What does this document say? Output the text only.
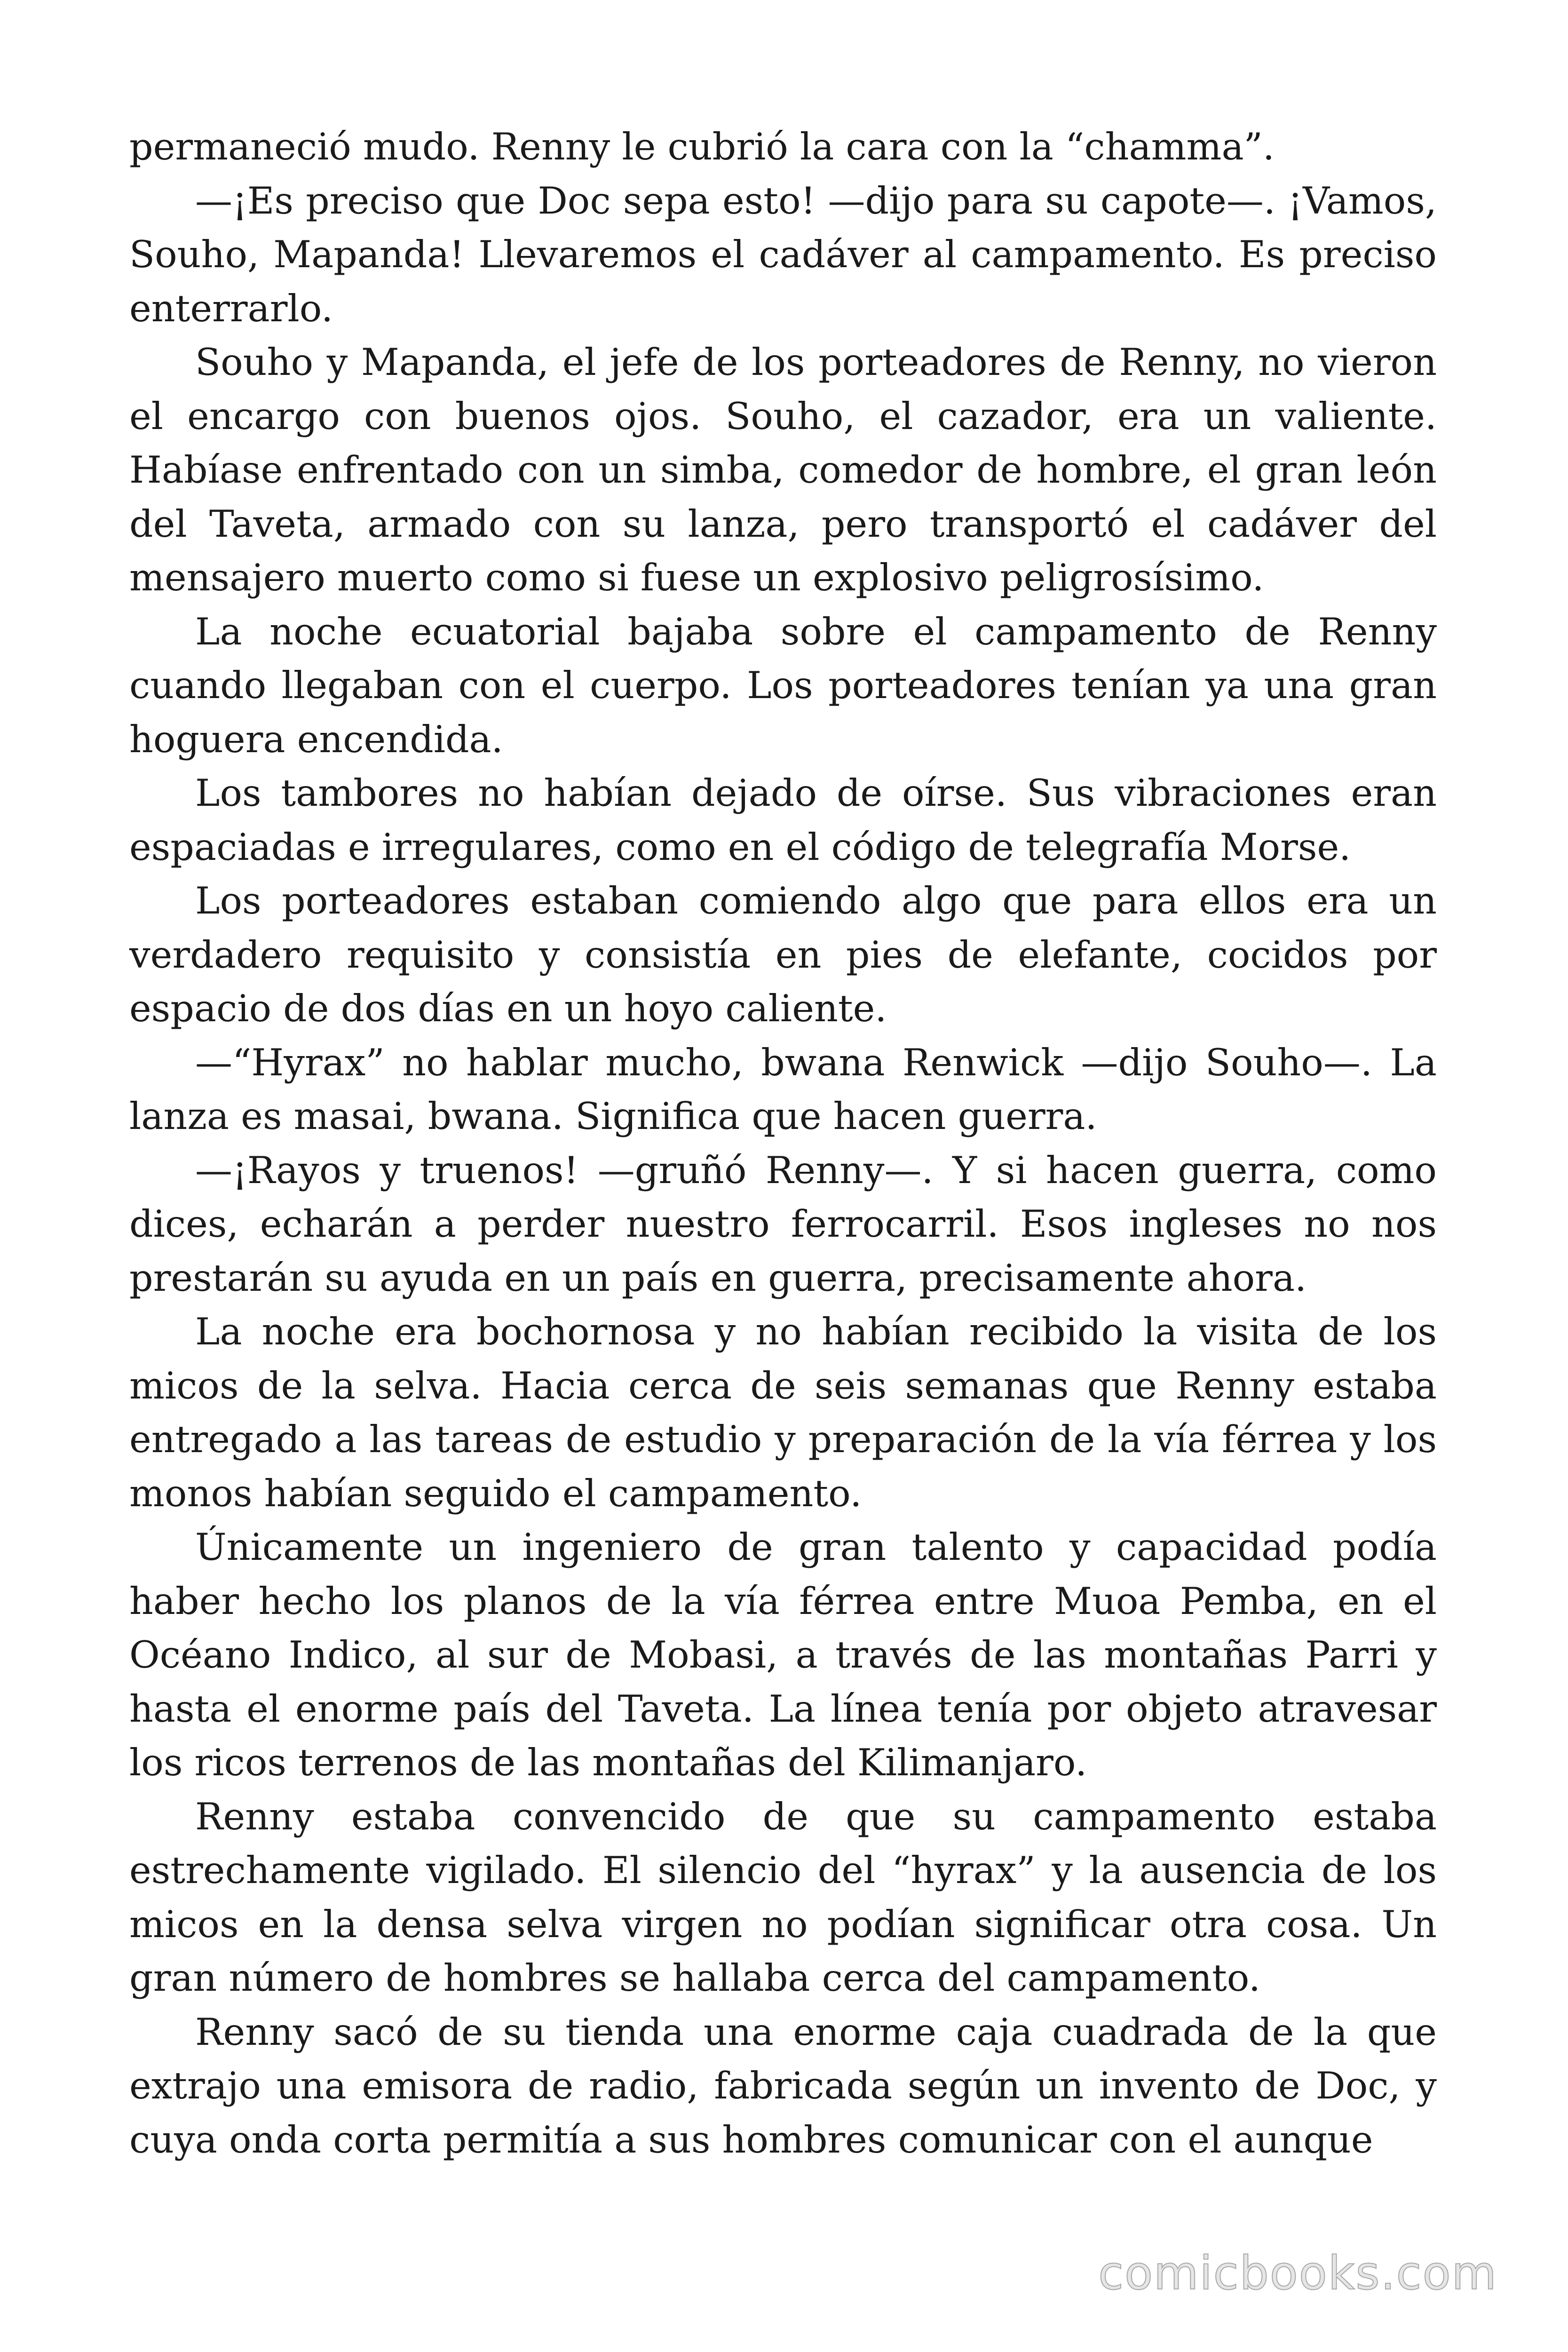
permaneció mudo. Renny le cubrió la cara con la “chamma”.

—¡Es preciso que Doc sepa esto! —dijo para su capote—. ¡Vamos, Souho, Mapanda! Llevaremos el cadáver al campamento. Es preciso enterrarlo.

Souho y Mapanda, el jefe de los porteadores de Renny, no vieron el encargo con buenos ojos. Souho, el cazador, era un valiente. Habíase enfrentado con un simba, comedor de hombre, el gran león del Taveta, armado con su lanza, pero transportó el cadáver del mensajero muerto como si fuese un explosivo peligrosísimo.

La noche ecuatorial bajaba sobre el campamento de Renny cuando llegaban con el cuerpo. Los porteadores tenían ya una gran hoguera encendida.

Los tambores no habían dejado de oírse. Sus vibraciones eran espaciadas e irregulares, como en el código de telegrafía Morse.

Los porteadores estaban comiendo algo que para ellos era un verdadero requisito y consistía en pies de elefante, cocidos por espacio de dos días en un hoyo caliente.

—“Hyrax” no hablar mucho, bwana Renwick —dijo Souho—. La lanza es masai, bwana. Significa que hacen guerra.

—¡Rayos y truenos! —gruñó Renny—. Y si hacen guerra, como dices, echarán a perder nuestro ferrocarril. Esos ingleses no nos prestarán su ayuda en un país en guerra, precisamente ahora.

La noche era bochornosa y no habían recibido la visita de los micos de la selva. Hacia cerca de seis semanas que Renny estaba entregado a las tareas de estudio y preparación de la vía férrea y los monos habían seguido el campamento.

Únicamente un ingeniero de gran talento y capacidad podía haber hecho los planos de la vía férrea entre Muoa Pemba, en el Océano Indico, al sur de Mobasi, a través de las montañas Parri y hasta el enorme país del Taveta. La línea tenía por objeto atravesar los ricos terrenos de las montañas del Kilimanjaro.

Renny estaba convencido de que su campamento estaba estrechamente vigilado. El silencio del “hyrax” y la ausencia de los micos en la densa selva virgen no podían significar otra cosa. Un gran número de hombres se hallaba cerca del campamento.

Renny sacó de su tienda una enorme caja cuadrada de la que extrajo una emisora de radio, fabricada según un invento de Doc, y cuya onda corta permitía a sus hombres comunicar con el aunque

comicbooks.com
